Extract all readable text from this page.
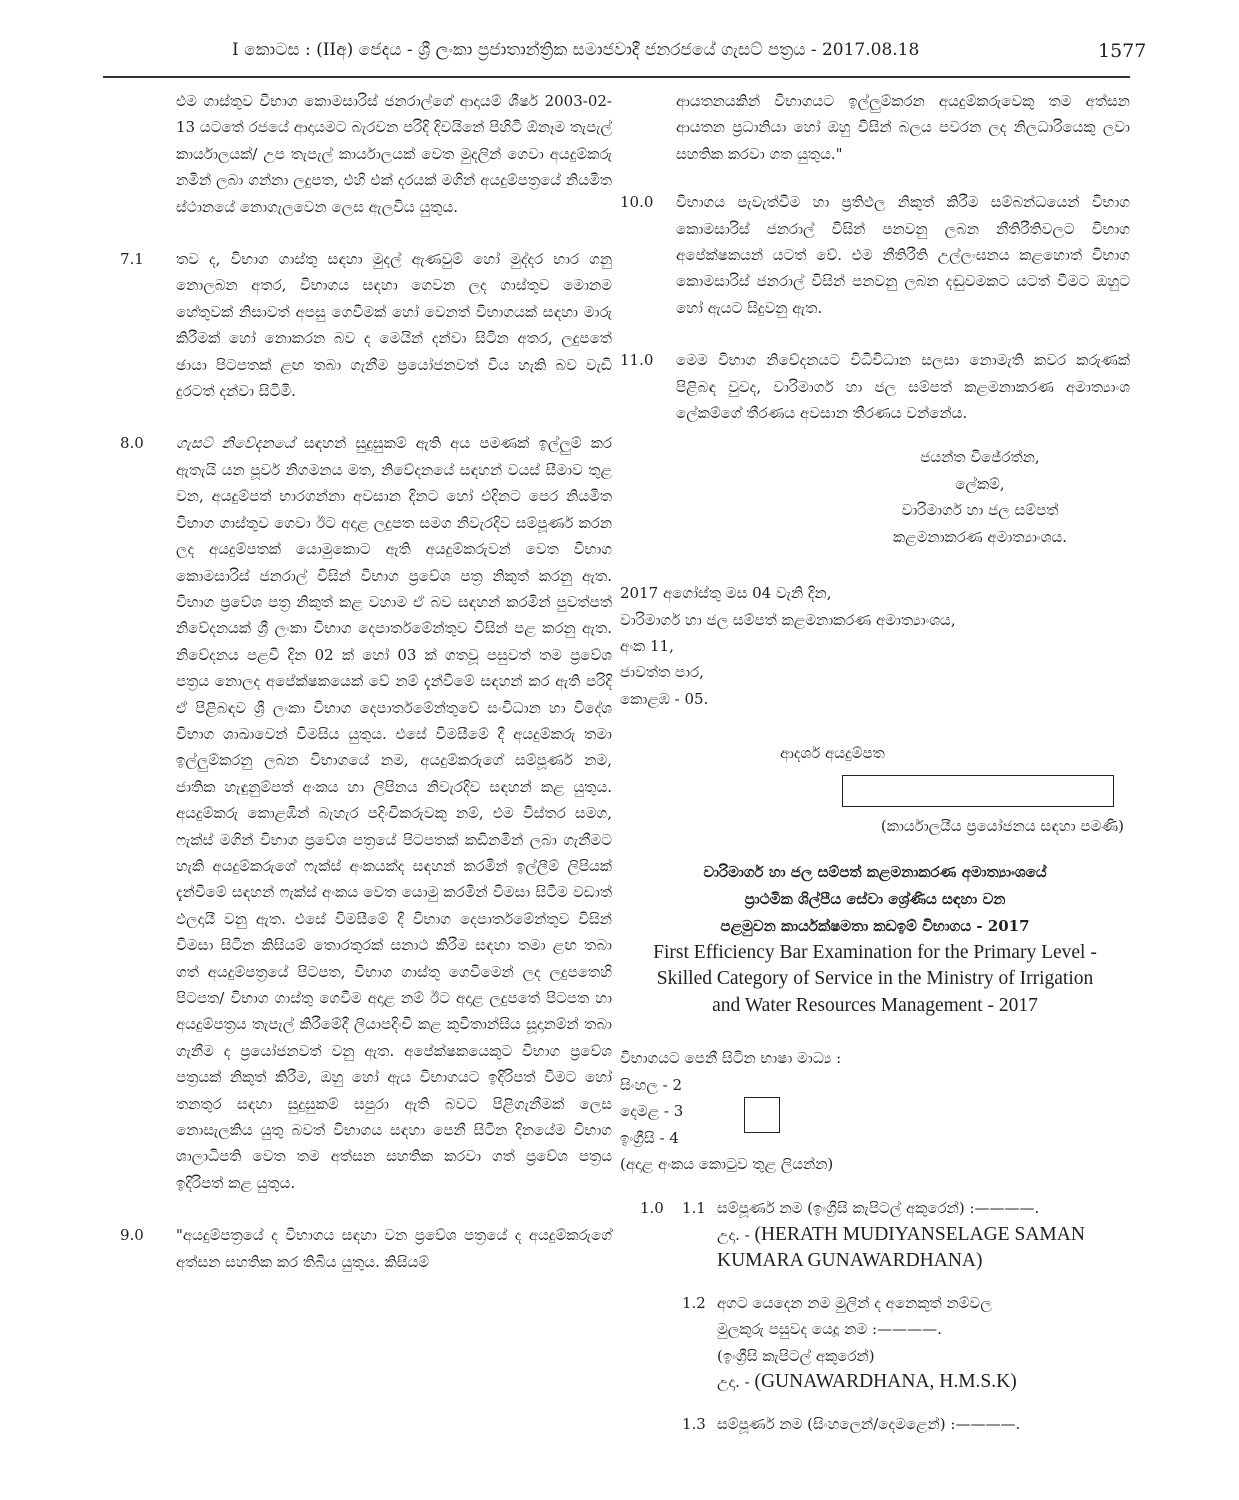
I කොටස : (IIඅ) ජෙදය - ශ්‍රී ලංකා ප්‍රජාතාන්ත්‍රික සමාජවාදී ජනරජයේ ගැසට් පත්‍රය - 2017.08.18	1577
එම ගාස්තුව විභාග කොමසාරිස් ජනරාල්ගේ ආදායම් ශීර්ෂ 2003-02-13 යටතේ රජයේ ආදායමට බැරවන පරිදි දිවයිනේ පිහිටි ඕනෑම තැපැල් කාර්යාලයක්/ උප තැපැල් කාර්යාලයක් වෙත මුදලින් ගෙවා අයදුම්කරු නමින් ලබා ගන්නා ලදුපත, එහි එක් දරයක් මගින් අයදුම්පත්‍රයේ නියමිත ස්ථානයේ නොගැලවෙන ලෙස ඇලවිය යුතුය.
7.1 තව ද, විභාග ගාස්තු සඳහා මුදල් ඇණවුම් හෝ මුද්දර භාර ගනු නොලබන අතර, විභාගය සඳහා ගෙවන ලද ගාස්තුව මොනම හේතුවක් නිසාවත් අපසු ගෙවීමක් හෝ වෙනත් විභාගයක් සඳහා මාරු කිරීමක් හෝ නොකරන බව ද මෙයින් දන්වා සිටින අතර, ලදුපතේ ඡායා පිටපතක් ළඟ තබා ගැනීම ප්‍රයෝජනවත් විය හැකි බව වැඩි දුරටත් දන්වා සිටිමි.
8.0 ගැසට් නිවේදනයේ සඳහන් සුදුසුකම් ඇති අය පමණක් ඉල්ලුම් කර ඇතැයි යන පූර්ව නිගමනය මත, නිවේදනයේ සඳහන් වයස් සීමාව තුළ වන, අයදුම්පත් භාරගන්නා අවසාන දිනට හෝ එදිනට පෙර නියමිත විභාග ගාස්තුව ගෙවා ඊට අදාළ ලදුපත සමග නිවැරදිව සම්පූර්ණ කරන ලද අයදුම්පතක් යොමුකොට ඇති අයදුම්කරුවන් වෙත විභාග කොමසාරිස් ජනරාල් විසින් විභාග ප්‍රවේශ පත්‍ර නිකුත් කරනු ඇත. විභාග ප්‍රවේශ පත්‍ර නිකුත් කළ වහාම ඒ බව සඳහන් කරමින් පුවත්පත් නිවේදනයක් ශ්‍රී ලංකා විභාග දෙපාර්තමේන්තුව විසින් පළ කරනු ඇත. නිවේදනය පළවී දින 02 ක් හෝ 03 ක් ගතවූ පසුවත් තම ප්‍රවේශ පත්‍රය නොලද අපේක්ෂකයෙක් වේ නම් දැන්වීමේ සඳහන් කර ඇති පරිදි ඒ පිළිබඳව ශ්‍රී ලංකා විභාග දෙපාර්තමේන්තුවේ සංවිධාන හා විදේශ විභාග ශාඛාවෙන් විමසිය යුතුය. එසේ විමසීමේ දී අයදුම්කරු තමා ඉල්ලුම්කරනු ලබන විභාගයේ නම, අයදුම්කරුගේ සම්පූර්ණ නම, ජාතික හැඳුනුම්පත් අංකය හා ලිපිනය නිවැරදිව සඳහන් කළ යුතුය. අයදුම්කරු කොළඹින් බැහැර පදිංචිකරුවකු නම්, එම විස්තර සමග, ෆැක්ස් මගින් විභාග ප්‍රවේශ පත්‍රයේ පිටපතක් කඩිනමින් ලබා ගැනීමට හැකි අයදුම්කරුගේ ෆැක්ස් අංකයක්ද සඳහන් කරමින් ඉල්ලීම් ලිපියක් දැන්වීමේ සඳහන් ෆැක්ස් අංකය වෙත යොමු කරමින් විමසා සිටීම වඩාත් ඵලදායී වනු ඇත. එසේ විමසීමේ දී විභාග දෙපාර්තමේන්තුව විසින් විමසා සිටින කිසියම් තොරතුරක් සනාථ කිරීම සඳහා තමා ළඟ තබා ගත් අයදුම්පත්‍රයේ පිටපත, විභාග ගාස්තු ගෙවීමෙන් ලද ලදුපතෙහි පිටපත/ විභාග ගාස්තු ගෙවීම අදාළ නම් ඊට අදාළ ලදුපතේ පිටපත හා අයදුම්පත්‍රය තැපැල් කිරීමේදී ලියාපදිංචි කළ කුවිතාන්සිය සූදානම්න් තබා ගැනීම ද ප්‍රයෝජනවත් වනු ඇත. අපේක්ෂකයෙකුට විභාග ප්‍රවේශ පත්‍රයක් නිකුත් කිරීම, ඔහු හෝ ඇය විභාගයට ඉදිරිපත් වීමට හෝ තනතුර සඳහා සුදුසුකම් සපුරා ඇති බවට පිළිගැනීමක් ලෙස නොසැලකිය යුතු බවත් විභාගය සඳහා පෙනී සිටින දිනයේම විභාග ශාලාධිපති වෙත තම අත්සන සහතික කරවා ගත් ප්‍රවේශ පත්‍රය ඉදිරිපත් කළ යුතුය.
9.0 "අයදුම්පත්‍රයේ ද විභාගය සඳහා වන ප්‍රවේශ පත්‍රයේ ද අයදුම්කරුගේ අත්සන සහතික කර තිබිය යුතුය. කිසියම්
ආයතනයකින් විභාගයට ඉල්ලුම්කරන අයදුම්කරුවෙකු තම අත්සන ආයතන ප්‍රධානියා හෝ ඔහු විසින් බලය පවරන ලද නිලධාරියෙකු ලවා සහතික කරවා ගත යුතුය."
10.0 විභාගය පැවැත්වීම හා ප්‍රතිඵල නිකුත් කිරීම සම්බන්ධයෙන් විභාග කොමසාරිස් ජනරාල් විසින් පනවනු ලබන නීතිරීතිවලට විභාග අපේක්ෂකයන් යටත් වේ. එම නීතිරීති උල්ලංඝනය කළහොත් විභාග කොමසාරිස් ජනරාල් විසින් පනවනු ලබන දඬුවමකට යටත් වීමට ඔහුට හෝ ඇයට සිදුවනු ඇත.
11.0 මෙම විභාග නිවේදනයට විධිවිධාන සලසා නොමැති කවර කරුණක් පිළිබඳ වුවද, වාරිමාර්ග හා ජල සම්පත් කළමනාකරණ අමාත්‍යාංශ ලේකම්ගේ තීරණය අවසාන තීරණය වන්නේය.
ජයන්ත විජේරත්න,
ලේකම්,
වාරිමාර්ග හා ජල සම්පත්
කළමනාකරණ අමාත්‍යාංශය.
2017 අගෝස්තු මස 04 වැනි දින,
වාරිමාර්ග හා ජල සම්පත් කළමනාකරණ අමාත්‍යාංශය,
අංක 11,
ජාවත්ත පාර,
කොළඹ - 05.
ආදර්ශ අයදුම්පත
(කාර්යාලයීය ප්‍රයෝජනය සඳහා පමණි)
වාරිමාර්ග හා ජල සම්පත් කළමනාකරණ අමාත්‍යාංශයේ
ප්‍රාථමික ශිල්පීය සේවා ශ්‍රේණිය සඳහා වන
පළමුවන කාර්යක්ෂමතා කඩඉම් විභාගය - 2017
First Efficiency Bar Examination for the Primary Level -
Skilled Category of Service in the Ministry of Irrigation
and Water Resources Management - 2017
විභාගයට පෙනී සිටින භාෂා මාධ්‍ය :
සිංහල - 2
දෙමළ - 3
ඉංග්‍රීසි - 4
(අදාළ අංකය කොටුව තුළ ලියන්න)
1.0 1.1 සම්පූර්ණ නම (ඉංග්‍රීසි කැපිටල් අකුරෙන්) :————.
උදා. - (HERATH MUDIYANSELAGE SAMAN KUMARA GUNAWARDHANA)
1.2 අගට යෙදෙන නම මුලින් ද අනෙකුත් නම්වල
මුලකුරු පසුවද යෙදූ නම :————.
(ඉංග්‍රීසි කැපිටල් අකුරෙන්)
උදා. - (GUNAWARDHANA, H.M.S.K)
1.3 සම්පූර්ණ නම (සිංහලෙන්/දෙමළෙන්) :————.
